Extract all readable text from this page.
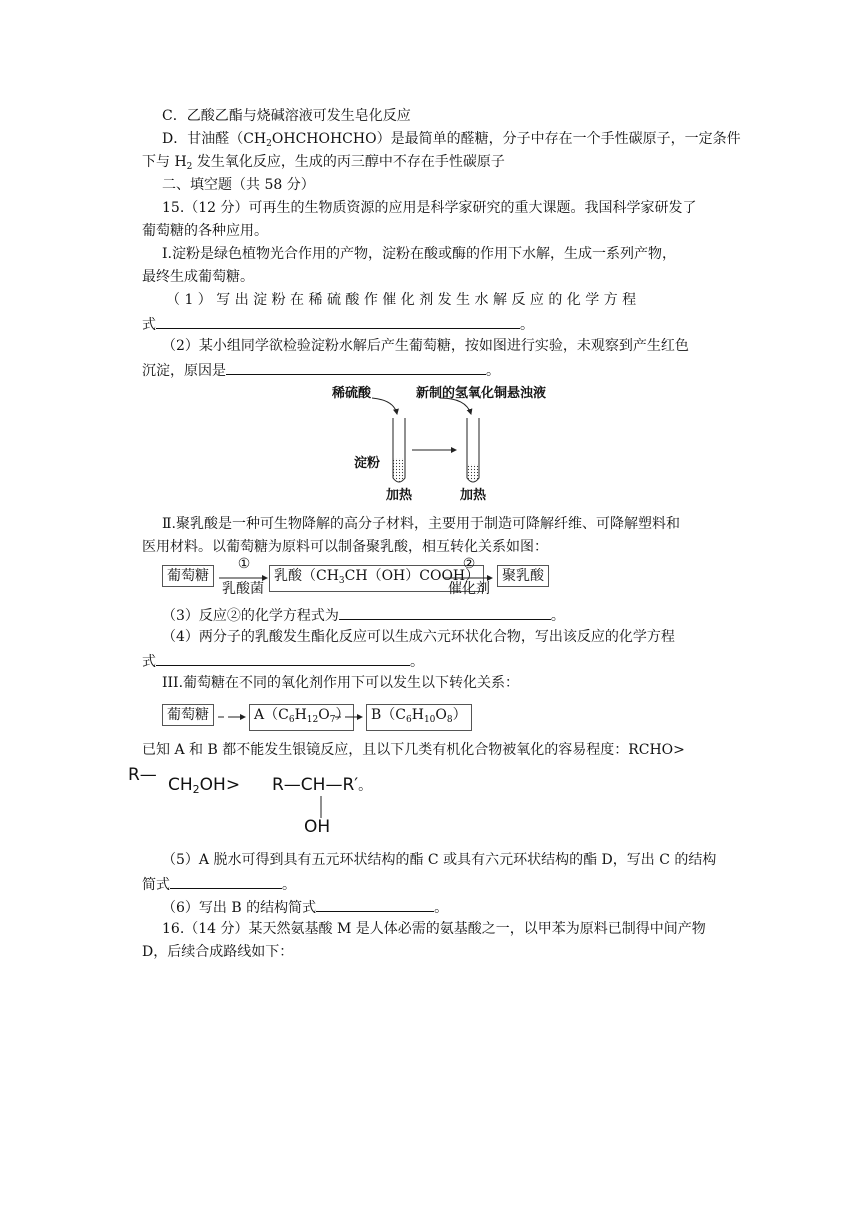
C．乙酸乙酯与烧碱溶液可发生皂化反应
D．甘油醛$(CH_2OHCHOHCHO)$是最简单的醛糖，分子中存在一个手性碳原子，一定条件
下与 $H_2$ 发生氧化反应，生成的丙三醇中不存在手性碳原子
二、填空题（共 58 分）
15.（12 分）可再生的生物质资源的应用是科学家研究的重大课题。我国科学家研发了
葡萄糖的各种应用。
Ⅰ.淀粉是绿色植物光合作用的产物，淀粉在酸或酶的作用下水解，生成一系列产物，
最终生成葡萄糖。
（ 1 ） 写 出 淀 粉 在 稀 硫 酸 作 催 化 剂 发 生 水 解 反 应 的 化 学 方 程
式	。
（2）某小组同学欲检验淀粉水解后产生葡萄糖，按如图进行实验，未观察到产生红色
沉淀，原因是	。
稀硫酸	新制的氢氧化铜悬浊液
淀粉
加热	加热
Ⅱ.聚乳酸是一种可生物降解的高分子材料，主要用于制造可降解纤维、可降解塑料和
医用材料。以葡萄糖为原料可以制备聚乳酸，相互转化关系如图：
葡萄糖
①
乳酸菌
乳酸$(CH_3CH(OH)COOH)$
②
催化剂
聚乳酸
（3）反应②的化学方程式为	。
（4）两分子的乳酸发生酯化反应可以生成六元环状化合物，写出该反应的化学方程
式	。
III.葡萄糖在不同的氧化剂作用下可以发生以下转化关系：
葡萄糖	$A(C_6H_{12}O_7)$	$B(C_6H_{10}O_8)$
已知 A 和 B 都不能发生银镜反应，且以下几类有机化合物被氧化的容易程度：RCHO>
R— $CH_2OH>$ R—CH—R′。
OH
（5）A 脱水可得到具有五元环状结构的酯 C 或具有六元环状结构的酯 D，写出 C 的结构
简式	。
（6）写出 B 的结构简式	。
16.（14 分）某天然氨基酸 M 是人体必需的氨基酸之一，以甲苯为原料已制得中间产物
D，后续合成路线如下：
